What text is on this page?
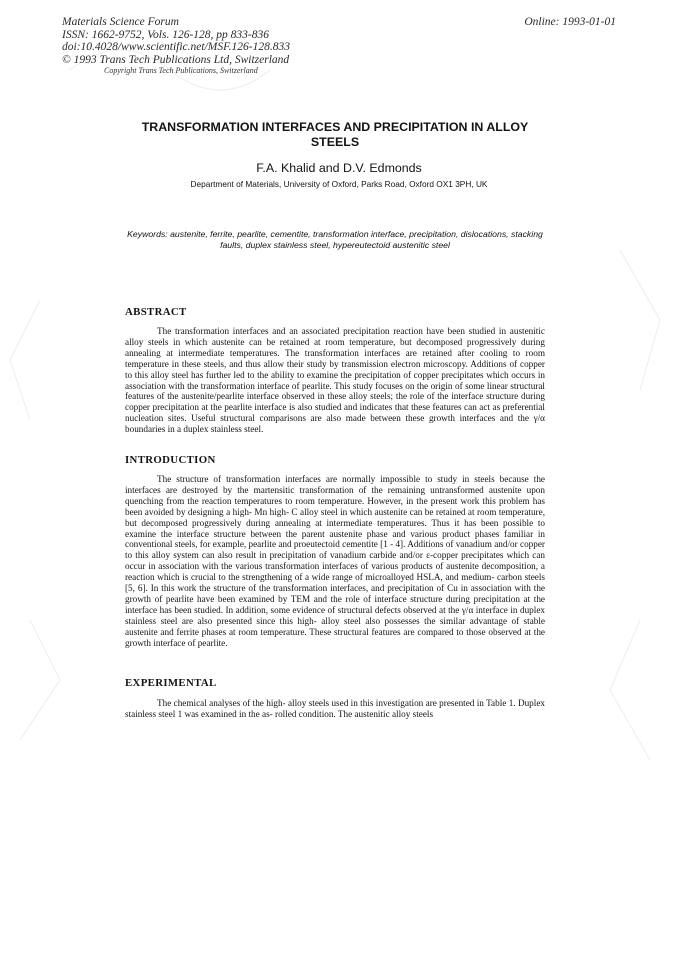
Materials Science Forum
ISSN: 1662-9752, Vols. 126-128, pp 833-836
doi:10.4028/www.scientific.net/MSF.126-128.833
© 1993 Trans Tech Publications Ltd, Switzerland
Copyright Trans Tech Publications, Switzerland
Online: 1993-01-01
TRANSFORMATION INTERFACES AND PRECIPITATION IN ALLOY STEELS
F.A. Khalid and D.V. Edmonds
Department of Materials, University of Oxford, Parks Road, Oxford OX1 3PH, UK
Keywords: austenite, ferrite, pearlite, cementite, transformation interface, precipitation, dislocations, stacking faults, duplex stainless steel, hypereutectoid austenitic steel
ABSTRACT

The transformation interfaces and an associated precipitation reaction have been studied in austenitic alloy steels in which austenite can be retained at room temperature, but decomposed progressively during annealing at intermediate temperatures. The transformation interfaces are retained after cooling to room temperature in these steels, and thus allow their study by transmission electron microscopy. Additions of copper to this alloy steel has further led to the ability to examine the precipitation of copper precipitates which occurs in association with the transformation interface of pearlite. This study focuses on the origin of some linear structural features of the austenite/pearlite interface observed in these alloy steels; the role of the interface structure during copper precipitation at the pearlite interface is also studied and indicates that these features can act as preferential nucleation sites. Useful structural comparisons are also made between these growth interfaces and the γ/α boundaries in a duplex stainless steel.

INTRODUCTION

The structure of transformation interfaces are normally impossible to study in steels because the interfaces are destroyed by the martensitic transformation of the remaining untransformed austenite upon quenching from the reaction temperatures to room temperature. However, in the present work this problem has been avoided by designing a high- Mn high- C alloy steel in which austenite can be retained at room temperature, but decomposed progressively during annealing at intermediate temperatures. Thus it has been possible to examine the interface structure between the parent austenite phase and various product phases familiar in conventional steels, for example, pearlite and proeutectoid cementite [1 - 4]. Additions of vanadium and/or copper to this alloy system can also result in precipitation of vanadium carbide and/or ε-copper precipitates which can occur in association with the various transformation interfaces of various products of austenite decomposition, a reaction which is crucial to the strengthening of a wide range of microalloyed HSLA, and medium- carbon steels [5, 6]. In this work the structure of the transformation interfaces, and precipitation of Cu in association with the growth of pearlite have been examined by TEM and the role of interface structure during precipitation at the interface has been studied. In addition, some evidence of structural defects observed at the γ/α interface in duplex stainless steel are also presented since this high- alloy steel also possesses the similar advantage of stable austenite and ferrite phases at room temperature. These structural features are compared to those observed at the growth interface of pearlite.

EXPERIMENTAL

The chemical analyses of the high- alloy steels used in this investigation are presented in Table 1. Duplex stainless steel 1 was examined in the as- rolled condition. The austenitic alloy steels
